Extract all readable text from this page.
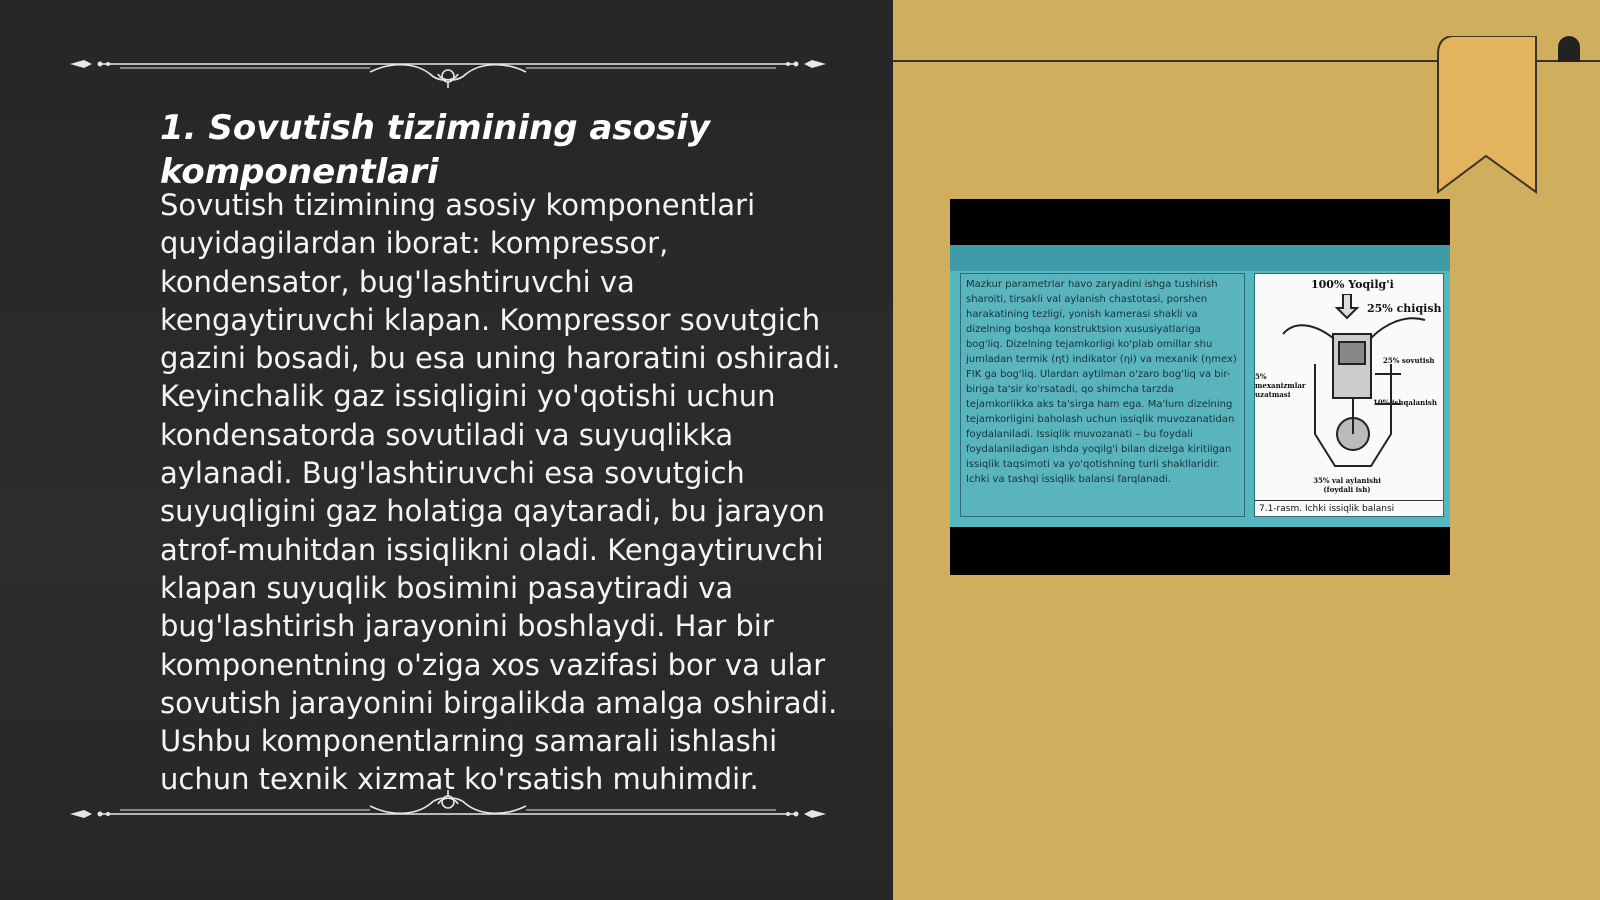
1. Sovutish tizimining asosiy komponentlari

Sovutish tizimining asosiy komponentlari quyidagilardan iborat: kompressor, kondensator, bug'lashtiruvchi va kengaytiruvchi klapan. Kompressor sovutgich gazini bosadi, bu esa uning haroratini oshiradi. Keyinchalik gaz issiqligini yo'qotishi uchun kondensatorda sovutiladi va suyuqlikka aylanadi. Bug'lashtiruvchi esa sovutgich suyuqligini gaz holatiga qaytaradi, bu jarayon atrof-muhitdan issiqlikni oladi. Kengaytiruvchi klapan suyuqlik bosimini pasaytiradi va bug'lashtirish jarayonini boshlaydi. Har bir komponentning o'ziga xos vazifasi bor va ular sovutish jarayonini birgalikda amalga oshiradi. Ushbu komponentlarning samarali ishlashi uchun texnik xizmat ko'rsatish muhimdir.

Mazkur parametrlar havo zaryadini ishga tushirish sharoiti, tirsakli val aylanish chastotasi, porshen harakatining tezligi, yonish kamerasi shakli va dizelning boshqa konstruktsion xususiyatlariga bog'liq. Dizelning tejamkorligi ko'plab omillar shu jumladan termik (ηt) indikator (ηi) va mexanik (ηmex) FIK ga bog'liq. Ulardan aytilman o'zaro bog'liq va bir-biriga ta'sir ko'rsatadi, qo shimcha tarzda tejamkorlikka aks ta'sirga ham ega. Ma'lum dizelning tejamkorligini baholash uchun issiqlik muvozanatidan foydalaniladi. Issiqlik muvozanati – bu foydali foydalaniladigan ishda yoqilg'i bilan dizelga kiritilgan issiqlik taqsimoti va yo'qotishning turli shakllaridir. Ichki va tashqi issiqlik balansi farqlanadi.

100% Yoqilg'i
25% chiqish
25% sovutish
5% mexanizmlar uzatmasi
10% ishqalanish
35% val aylanishi (foydali ish)
7.1-rasm. Ichki issiqlik balansi
